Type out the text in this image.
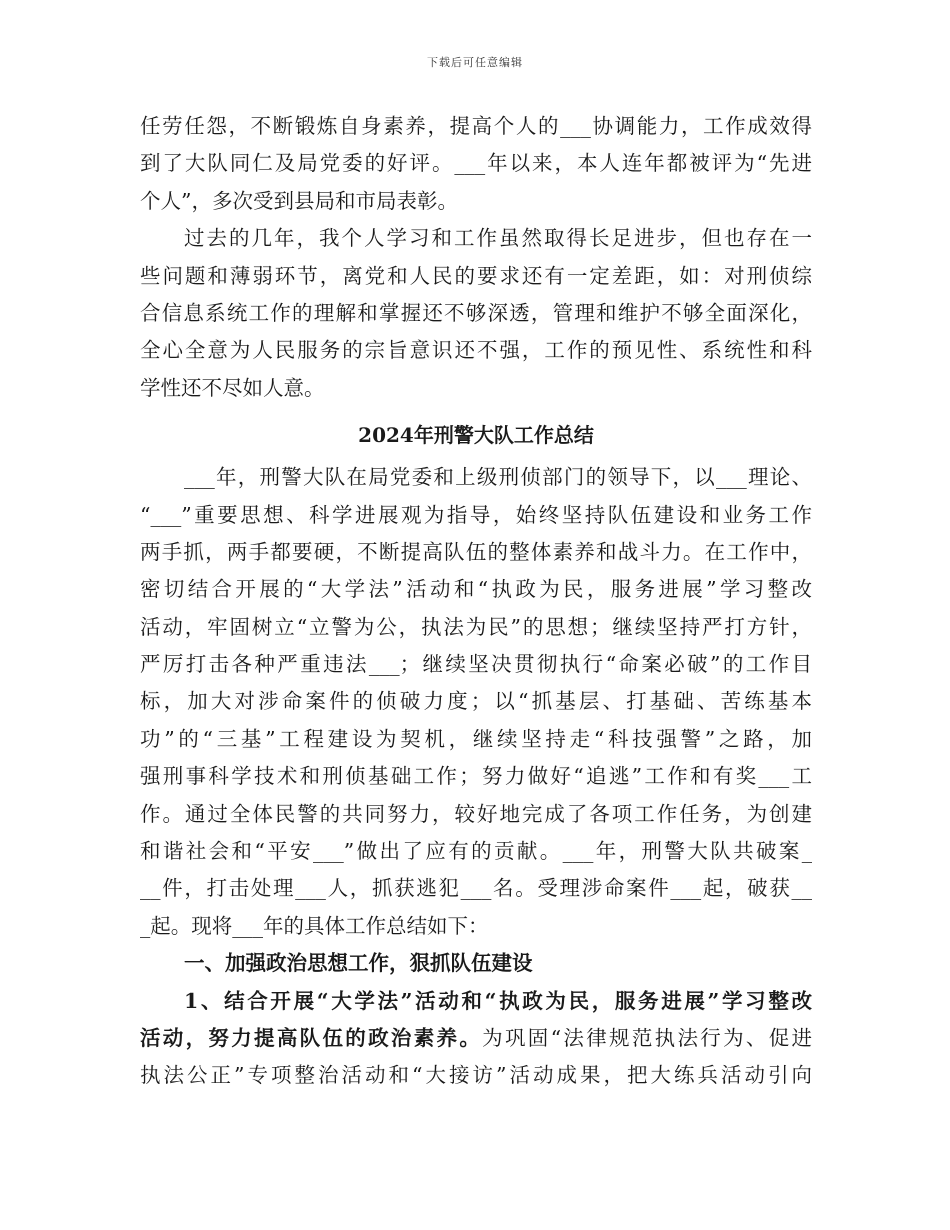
下载后可任意编辑
任劳任怨，不断锻炼自身素养，提高个人的___协调能力，工作成效得
到了大队同仁及局党委的好评。___年以来，本人连年都被评为“先进
个人”，多次受到县局和市局表彰。
过去的几年，我个人学习和工作虽然取得长足进步，但也存在一
些问题和薄弱环节，离党和人民的要求还有一定差距，如：对刑侦综
合信息系统工作的理解和掌握还不够深透，管理和维护不够全面深化，
全心全意为人民服务的宗旨意识还不强，工作的预见性、系统性和科
学性还不尽如人意。
2024年刑警大队工作总结
___年，刑警大队在局党委和上级刑侦部门的领导下，以___理论、
“___”重要思想、科学进展观为指导，始终坚持队伍建设和业务工作
两手抓，两手都要硬，不断提高队伍的整体素养和战斗力。在工作中，
密切结合开展的“大学法”活动和“执政为民，服务进展”学习整改
活动，牢固树立“立警为公，执法为民”的思想；继续坚持严打方针，
严厉打击各种严重违法___；继续坚决贯彻执行“命案必破”的工作目
标，加大对涉命案件的侦破力度；以“抓基层、打基础、苦练基本
功”的“三基”工程建设为契机，继续坚持走“科技强警”之路，加
强刑事科学技术和刑侦基础工作；努力做好“追逃”工作和有奖___工
作。通过全体民警的共同努力，较好地完成了各项工作任务，为创建
和谐社会和“平安___”做出了应有的贡献。___年，刑警大队共破案_
__件，打击处理___人，抓获逃犯___名。受理涉命案件___起，破获__
_起。现将___年的具体工作总结如下：
一、加强政治思想工作，狠抓队伍建设
1、结合开展“大学法”活动和“执政为民，服务进展”学习整改
活动，努力提高队伍的政治素养。为巩固“法律规范执法行为、促进
执法公正”专项整治活动和“大接访”活动成果，把大练兵活动引向
